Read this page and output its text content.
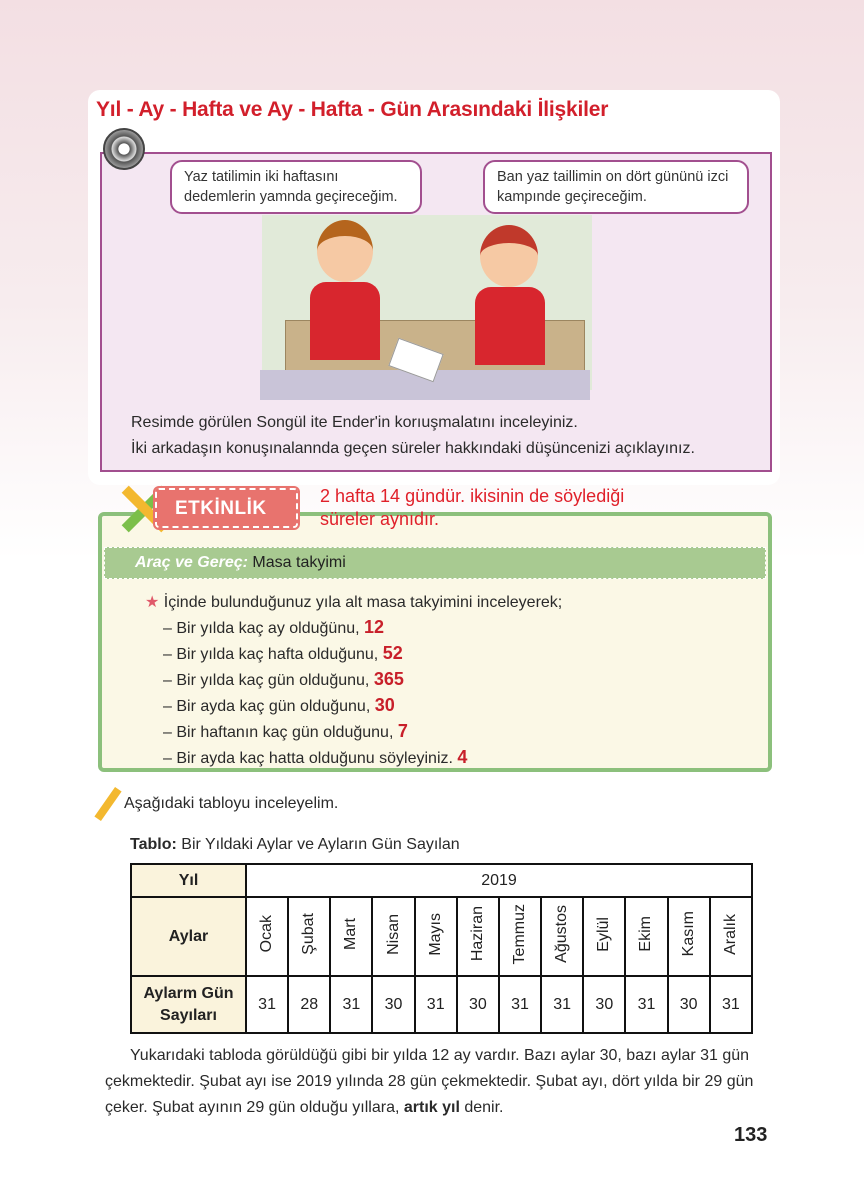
Yıl - Ay - Hafta ve Ay - Hafta - Gün Arasındaki İlişkiler
Yaz tatilimin iki haftasını dedemlerin yamnda geçireceğim.
Ban yaz taillimin on dört gününü izci kampınde geçireceğim.
Resimde görülen Songül ite Ender'in korıuşmalatını inceleyiniz.
İki arkadaşın konuşınalannda geçen süreler hakkındaki düşüncenizi açıklayınız.
ETKİNLİK
2 hafta 14 gündür. ikisinin de söylediği
süreler aynıdır.
Araç ve Gereç: Masa takyimi
★ İçinde bulunduğunuz yıla alt masa takyimini inceleyerek;
– Bir yılda kaç ay olduğünu, 12
– Bir yılda kaç hafta olduğunu, 52
– Bir yılda kaç gün olduğunu, 365
– Bir ayda kaç gün olduğunu, 30
– Bir haftanın kaç gün olduğunu, 7
– Bir ayda kaç hatta olduğunu söyleyiniz. 4
Aşağıdaki tabloyu inceleyelim.
Tablo: Bir Yıldaki Aylar ve Ayların Gün Sayılan
Yıl	2019											
Aylar	Ocak	Şubat	Mart	Nisan	Mayıs	Haziran	Temmuz	Ağustos	Eylül	Ekim	Kasım	Aralık
Aylarm Gün Sayıları	31	28	31	30	31	30	31	31	30	31	30	31
Yukarıdaki tabloda görüldüğü gibi bir yılda 12 ay vardır. Bazı aylar 30, bazı aylar 31 gün çekmektedir. Şubat ayı ise 2019 yılında 28 gün çekmektedir. Şubat ayı, dört yılda bir 29 gün çeker. Şubat ayının 29 gün olduğu yıllara, artık yıl denir.
133
